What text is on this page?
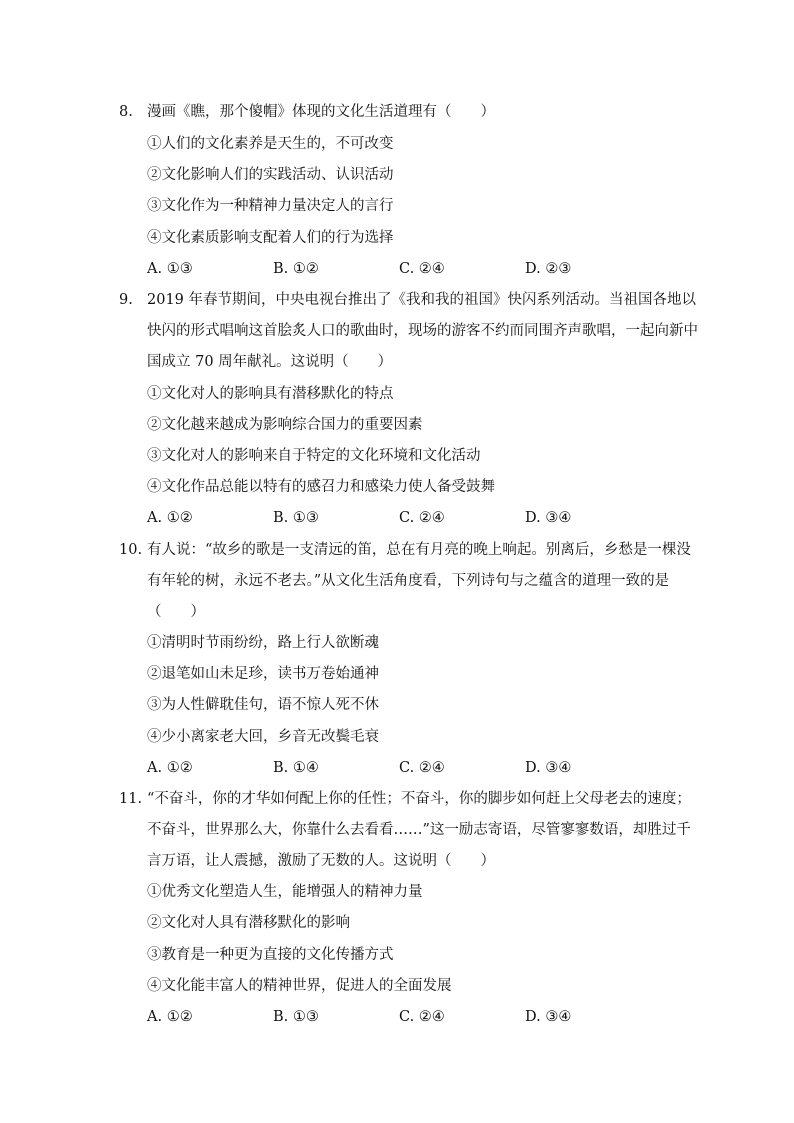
8. 漫画《瞧，那个傻帽》体现的文化生活道理有（　　）
①人们的文化素养是天生的，不可改变
②文化影响人们的实践活动、认识活动
③文化作为一种精神力量决定人的言行
④文化素质影响支配着人们的行为选择
A. ①③	B. ①②	C. ②④	D. ②③
9. 2019 年春节期间，中央电视台推出了《我和我的祖国》快闪系列活动。当祖国各地以
快闪的形式唱响这首脍炙人口的歌曲时，现场的游客不约而同围齐声歌唱，一起向新中
国成立 70 周年献礼。这说明（　　）
①文化对人的影响具有潜移默化的特点
②文化越来越成为影响综合国力的重要因素
③文化对人的影响来自于特定的文化环境和文化活动
④文化作品总能以特有的感召力和感染力使人备受鼓舞
A. ①②	B. ①③	C. ②④	D. ③④
10. 有人说：“故乡的歌是一支清远的笛，总在有月亮的晚上响起。别离后，乡愁是一棵没
有年轮的树，永远不老去。”从文化生活角度看，下列诗句与之蕴含的道理一致的是
（　　）
①清明时节雨纷纷，路上行人欲断魂
②退笔如山未足珍，读书万卷始通神
③为人性僻耽佳句，语不惊人死不休
④少小离家老大回，乡音无改鬓毛衰
A. ①②	B. ①④	C. ②④	D. ③④
11. “不奋斗，你的才华如何配上你的任性；不奋斗，你的脚步如何赶上父母老去的速度；
不奋斗，世界那么大，你靠什么去看看……”这一励志寄语，尽管寥寥数语，却胜过千
言万语，让人震撼，激励了无数的人。这说明（　　）
①优秀文化塑造人生，能增强人的精神力量
②文化对人具有潜移默化的影响
③教育是一种更为直接的文化传播方式
④文化能丰富人的精神世界，促进人的全面发展
A. ①②	B. ①③	C. ②④	D. ③④
